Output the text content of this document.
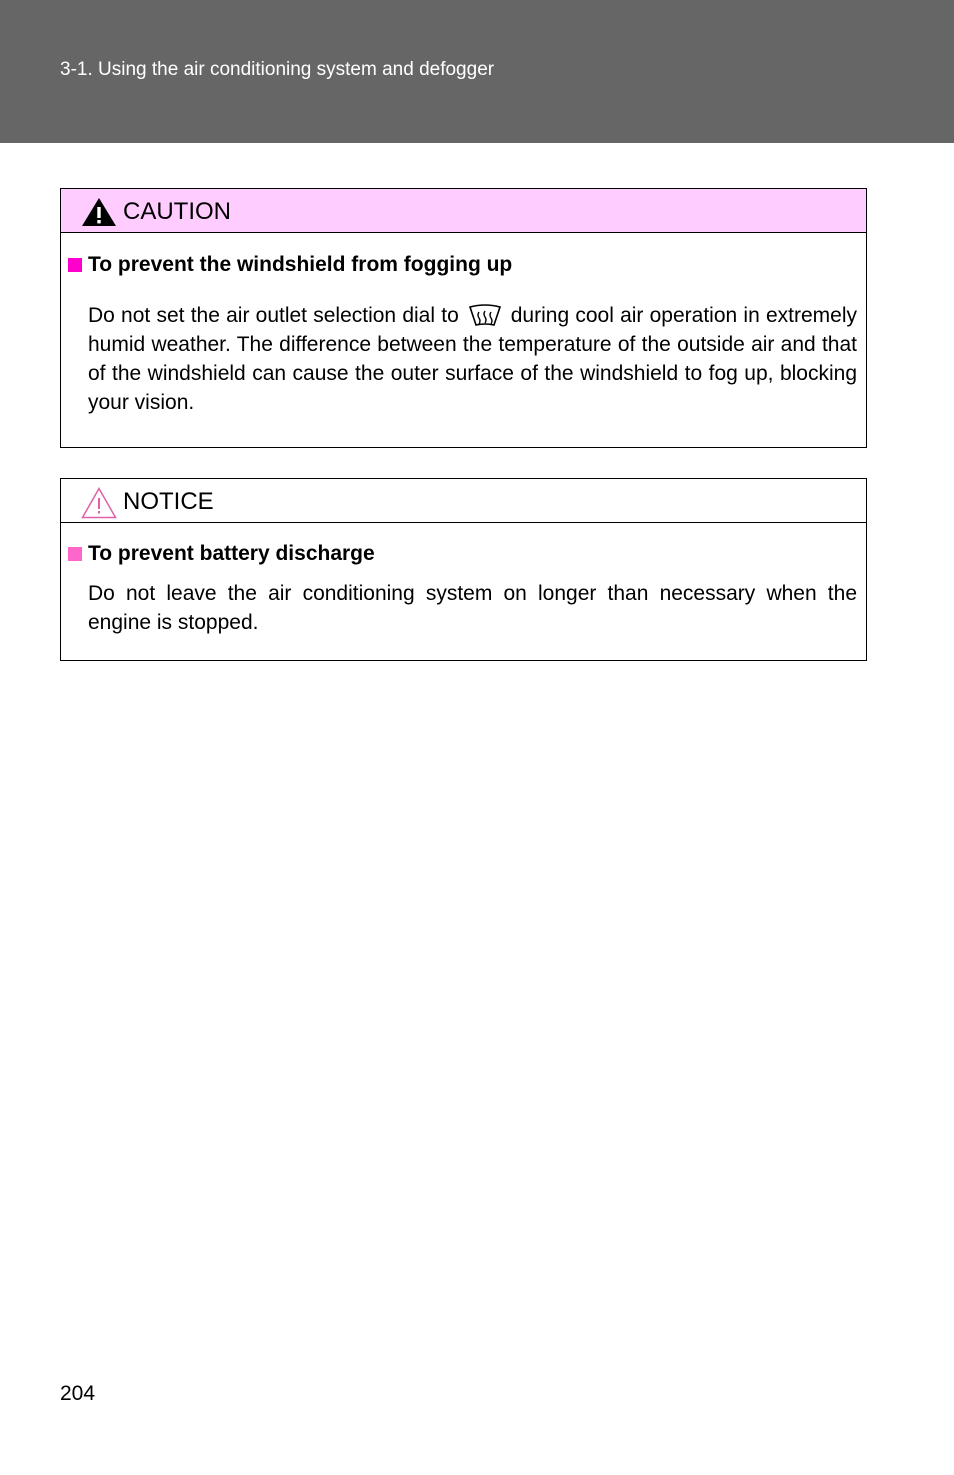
3-1. Using the air conditioning system and defogger
CAUTION
To prevent the windshield from fogging up
Do not set the air outlet selection dial to during cool air operation in extremely humid weather. The difference between the temperature of the outside air and that of the windshield can cause the outer surface of the windshield to fog up, blocking your vision.
NOTICE
To prevent battery discharge
Do not leave the air conditioning system on longer than necessary when the engine is stopped.
204
